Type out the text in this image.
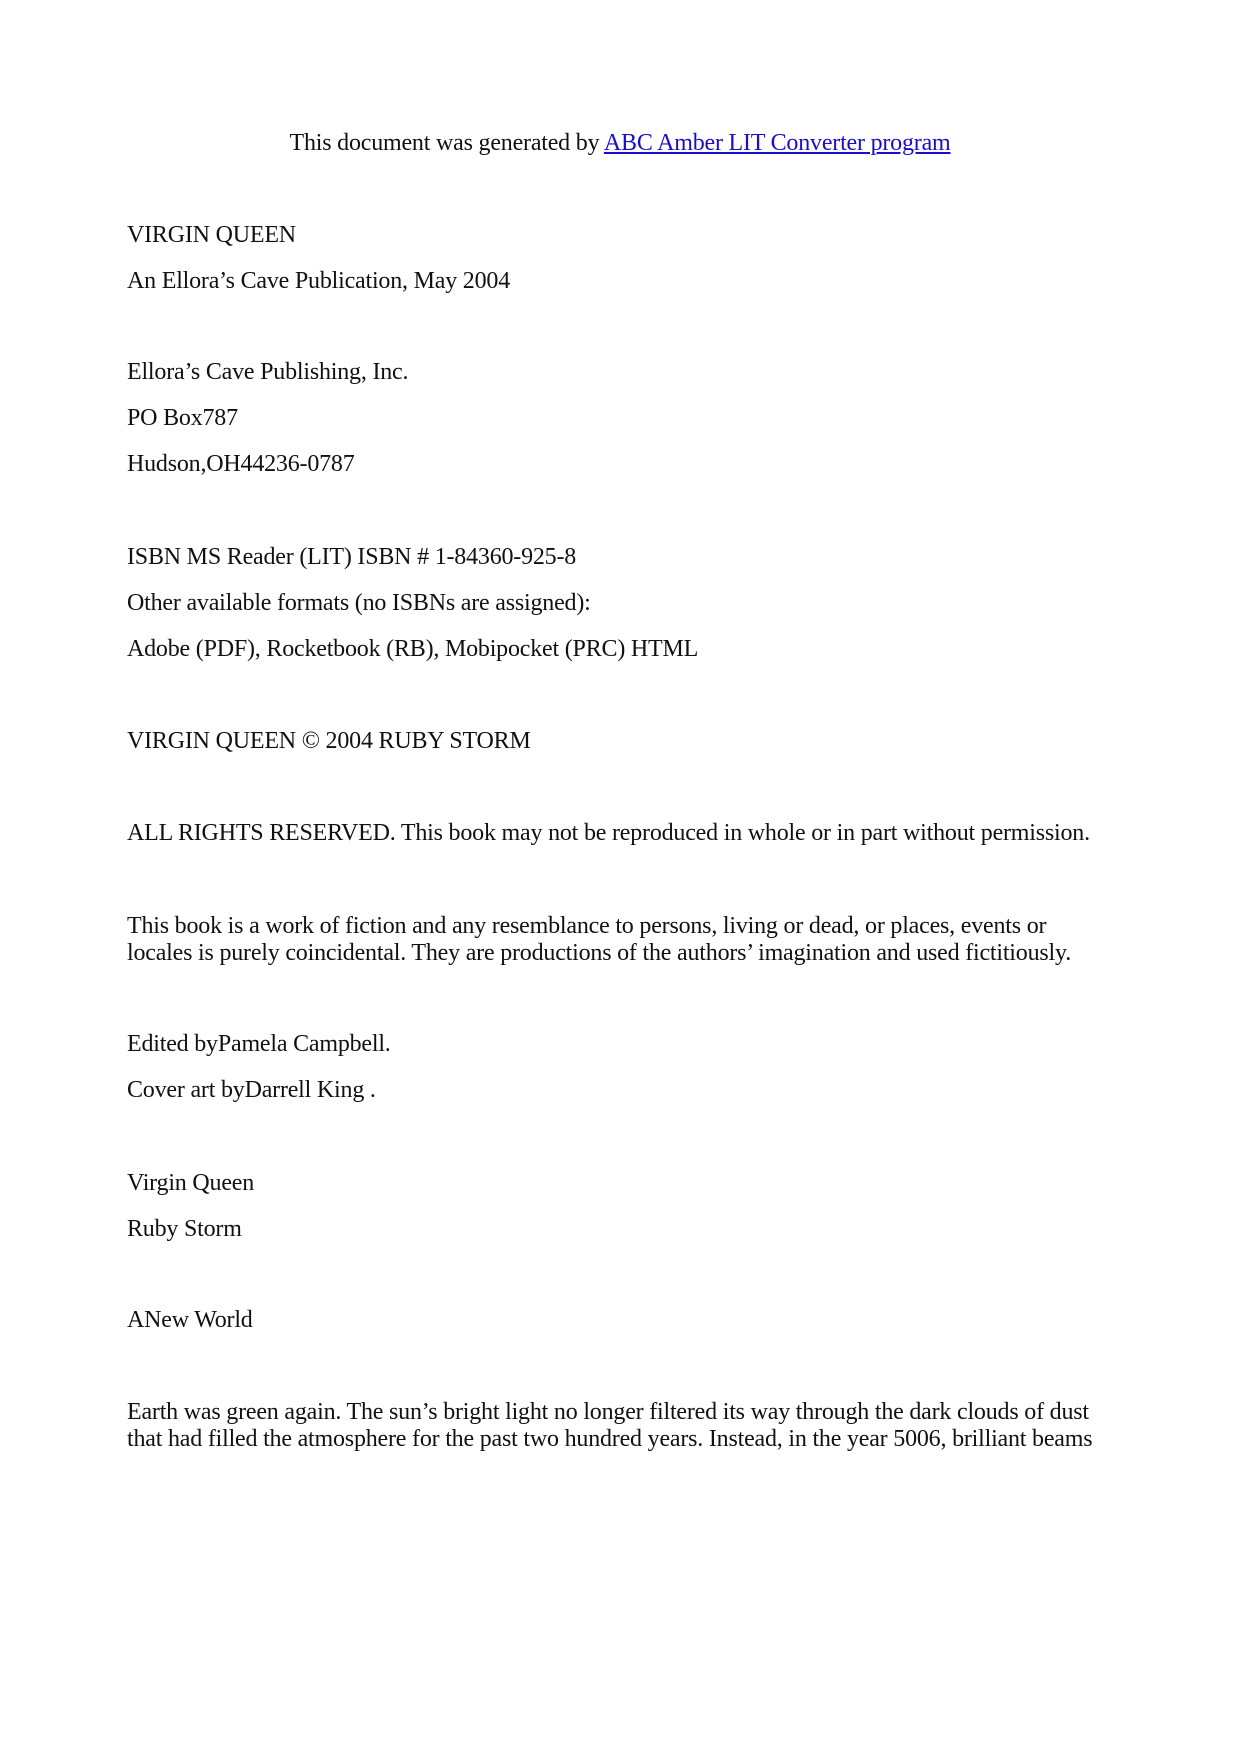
This document was generated by ABC Amber LIT Converter program
VIRGIN QUEEN
An Ellora’s Cave Publication, May 2004
Ellora’s Cave Publishing, Inc.
PO Box787
Hudson,OH44236-0787
ISBN MS Reader (LIT) ISBN # 1-84360-925-8
Other available formats (no ISBNs are assigned):
Adobe (PDF), Rocketbook (RB), Mobipocket (PRC) HTML
VIRGIN QUEEN © 2004 RUBY STORM
ALL RIGHTS RESERVED. This book may not be reproduced in whole or in part without permission.
This book is a work of fiction and any resemblance to persons, living or dead, or places, events or
locales is purely coincidental. They are productions of the authors’ imagination and used fictitiously.
Edited byPamela Campbell.
Cover art byDarrell King .
Virgin Queen
Ruby Storm
ANew World
Earth was green again. The sun’s bright light no longer filtered its way through the dark clouds of dust
that had filled the atmosphere for the past two hundred years. Instead, in the year 5006, brilliant beams
